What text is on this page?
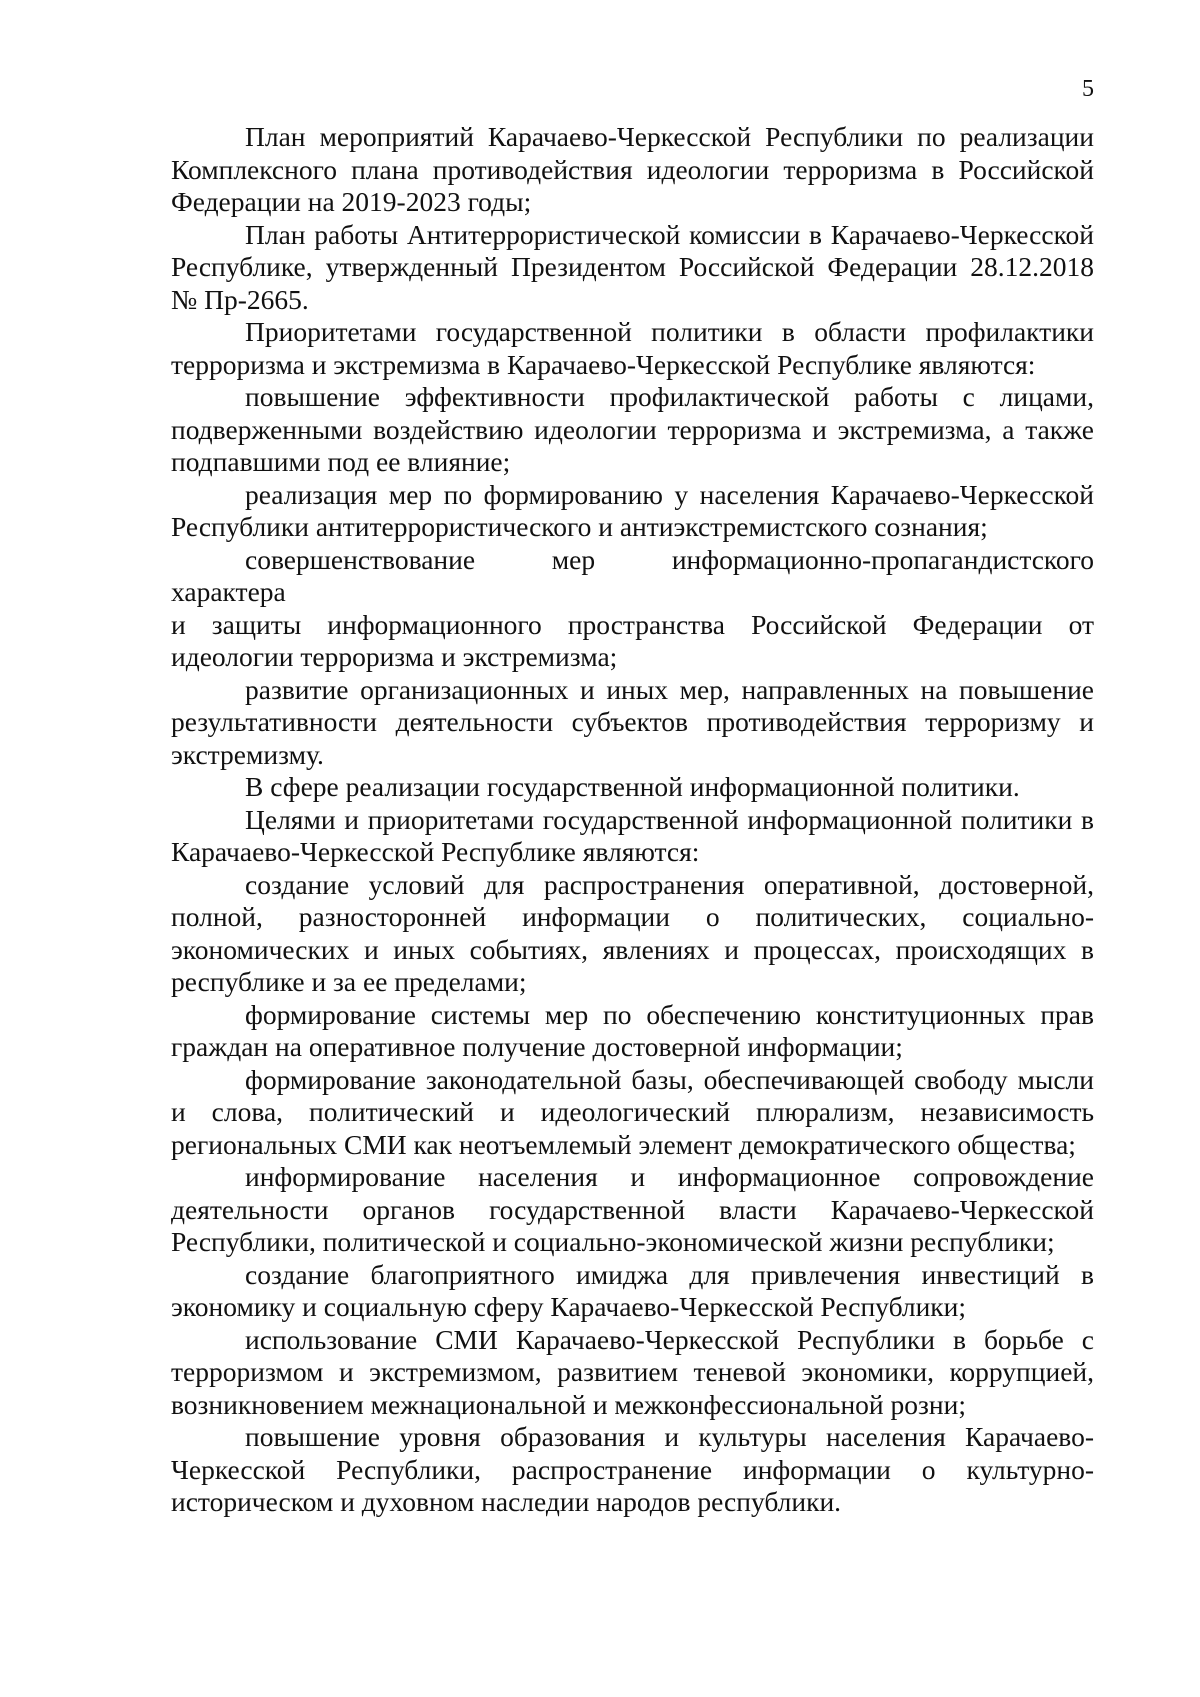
5

План мероприятий Карачаево-Черкесской Республики по реализации Комплексного плана противодействия идеологии терроризма в Российской Федерации на 2019-2023 годы;

План работы Антитеррористической комиссии в Карачаево-Черкесской Республике, утвержденный Президентом Российской Федерации 28.12.2018 № Пр-2665.

Приоритетами государственной политики в области профилактики терроризма и экстремизма в Карачаево-Черкесской Республике являются:

повышение эффективности профилактической работы с лицами, подверженными воздействию идеологии терроризма и экстремизма, а также подпавшими под ее влияние;

реализация мер по формированию у населения Карачаево-Черкесской Республики антитеррористического и антиэкстремистского сознания;

совершенствование мер информационно-пропагандистского

характера

и защиты информационного пространства Российской Федерации от идеологии терроризма и экстремизма;

развитие организационных и иных мер, направленных на повышение результативности деятельности субъектов противодействия терроризму и экстремизму.

В сфере реализации государственной информационной политики.

Целями и приоритетами государственной информационной политики в Карачаево-Черкесской Республике являются:

создание условий для распространения оперативной, достоверной, полной, разносторонней информации о политических, социально-экономических и иных событиях, явлениях и процессах, происходящих в республике и за ее пределами;

формирование системы мер по обеспечению конституционных прав граждан на оперативное получение достоверной информации;

формирование законодательной базы, обеспечивающей свободу мысли и слова, политический и идеологический плюрализм, независимость региональных СМИ как неотъемлемый элемент демократического общества;

информирование населения и информационное сопровождение деятельности органов государственной власти Карачаево-Черкесской Республики, политической и социально-экономической жизни республики;

создание благоприятного имиджа для привлечения инвестиций в экономику и социальную сферу Карачаево-Черкесской Республики;

использование СМИ Карачаево-Черкесской Республики в борьбе с терроризмом и экстремизмом, развитием теневой экономики, коррупцией, возникновением межнациональной и межконфессиональной розни;

повышение уровня образования и культуры населения Карачаево-Черкесской Республики, распространение информации о культурно-историческом и духовном наследии народов республики.
